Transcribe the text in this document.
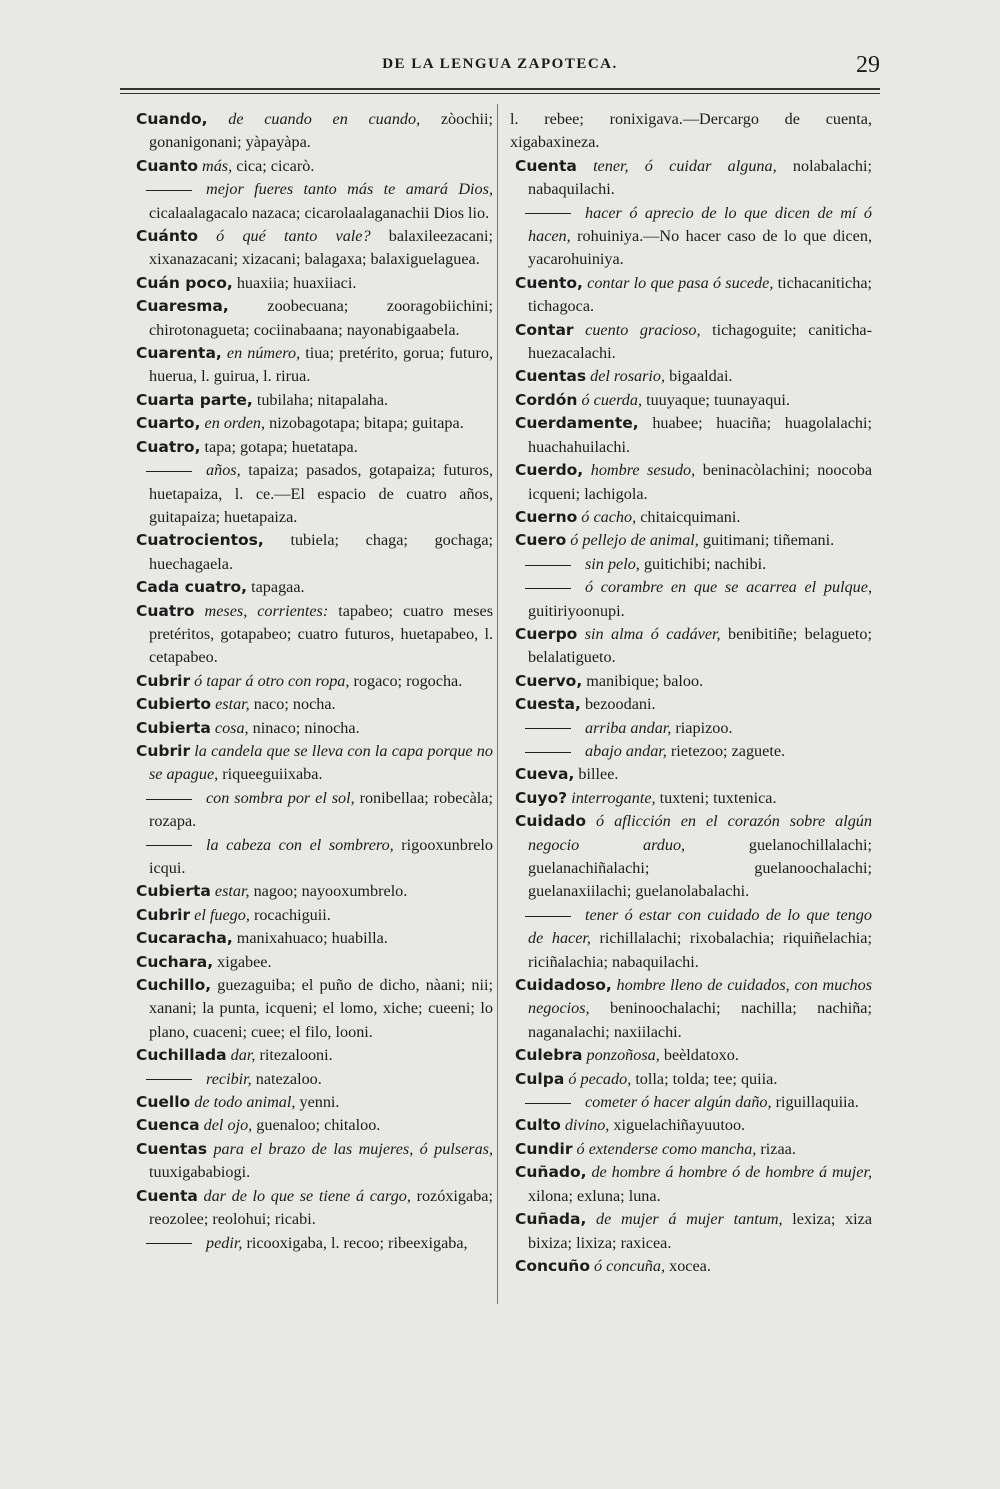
DE LA LENGUA ZAPOTECA.	29

Cuando, de cuando en cuando, zòochii; gonanigonani; yàpayàpa.

Cuanto más, cica; cicarò.

mejor fueres tanto más te amará Dios, cicalaalagacalo nazaca; cicarolaalaganachii Dios lio.

Cuánto ó qué tanto vale? balaxileezacani; xixanazacani; xizacani; balagaxa; balaxiguelaguea.

Cuán poco, huaxiia; huaxiiaci.

Cuaresma, zoobecuana; zooragobiichini; chirotonagueta; cociinabaana; nayonabigaabela.

Cuarenta, en número, tiua; pretérito, gorua; futuro, huerua, l. guirua, l. rirua.

Cuarta parte, tubilaha; nitapalaha.

Cuarto, en orden, nizobagotapa; bitapa; guitapa.

Cuatro, tapa; gotapa; huetatapa.

años, tapaiza; pasados, gotapaiza; futuros, huetapaiza, l. ce.—El espacio de cuatro años, guitapaiza; huetapaiza.

Cuatrocientos, tubiela; chaga; gochaga; huechagaela.

Cada cuatro, tapagaa.

Cuatro meses, corrientes: tapabeo; cuatro meses pretéritos, gotapabeo; cuatro futuros, huetapabeo, l. cetapabeo.

Cubrir ó tapar á otro con ropa, rogaco; rogocha.

Cubierto estar, naco; nocha.

Cubierta cosa, ninaco; ninocha.

Cubrir la candela que se lleva con la capa porque no se apague, riqueeguiixaba.

con sombra por el sol, ronibellaa; robecàla; rozapa.

la cabeza con el sombrero, rigooxunbrelo icqui.

Cubierta estar, nagoo; nayooxumbrelo.

Cubrir el fuego, rocachiguii.

Cucaracha, manixahuaco; huabilla.

Cuchara, xigabee.

Cuchillo, guezaguiba; el puño de dicho, nàani; nii; xanani; la punta, icqueni; el lomo, xiche; cueeni; lo plano, cuaceni; cuee; el filo, looni.

Cuchillada dar, ritezalooni.

recibir, natezaloo.

Cuello de todo animal, yenni.

Cuenca del ojo, guenaloo; chitaloo.

Cuentas para el brazo de las mujeres, ó pulseras, tuuxigababiogi.

Cuenta dar de lo que se tiene á cargo, rozóxigaba; reozolee; reolohui; ricabi.

pedir, ricooxigaba, l. recoo; ribeexigaba,

l. rebee; ronixigava.—Dercargo de cuenta, xigabaxineza.

Cuenta tener, ó cuidar alguna, nolabalachi; nabaquilachi.

hacer ó aprecio de lo que dicen de mí ó hacen, rohuiniya.—No hacer caso de lo que dicen, yacarohuiniya.

Cuento, contar lo que pasa ó sucede, tichacaniticha; tichagoca.

Contar cuento gracioso, tichagoguite; canitichahuezacalachi.

Cuentas del rosario, bigaaldai.

Cordón ó cuerda, tuuyaque; tuunayaqui.

Cuerdamente, huabee; huaciña; huagolalachi; huachahuilachi.

Cuerdo, hombre sesudo, beninacòlachini; noocoba icqueni; lachigola.

Cuerno ó cacho, chitaicquimani.

Cuero ó pellejo de animal, guitimani; tiñemani.

sin pelo, guitichibi; nachibi.

ó corambre en que se acarrea el pulque, guitiriyoonupi.

Cuerpo sin alma ó cadáver, benibitiñe; belagueto; belalatigueto.

Cuervo, manibique; baloo.

Cuesta, bezoodani.

arriba andar, riapizoo.

abajo andar, rietezoo; zaguete.

Cueva, billee.

Cuyo? interrogante, tuxteni; tuxtenica.

Cuidado ó aflicción en el corazón sobre algún negocio arduo,	guelanochillalachi; guelanachiñalachi; guelanoochalachi; guelanaxiilachi; guelanolabalachi.

tener ó estar con cuidado de lo que tengo de hacer, richillalachi; rixobalachia; riquiñelachia; riciñalachia; nabaquilachi.

Cuidadoso, hombre lleno de cuidados, con muchos negocios, beninoochalachi; nachilla; nachiña; naganalachi; naxiilachi.

Culebra ponzoñosa, beèldatoxo.

Culpa ó pecado, tolla; tolda; tee; quiia.

cometer ó hacer algún daño, riguillaquiia.

Culto divino, xiguelachiñayuutoo.

Cundir ó extenderse como mancha, rizaa.

Cuñado, de hombre á hombre ó de hombre á mujer, xilona; exluna; luna.

Cuñada, de mujer á mujer tantum, lexiza; xiza bixiza; lixiza; raxicea.

Concuño ó concuña, xocea.
